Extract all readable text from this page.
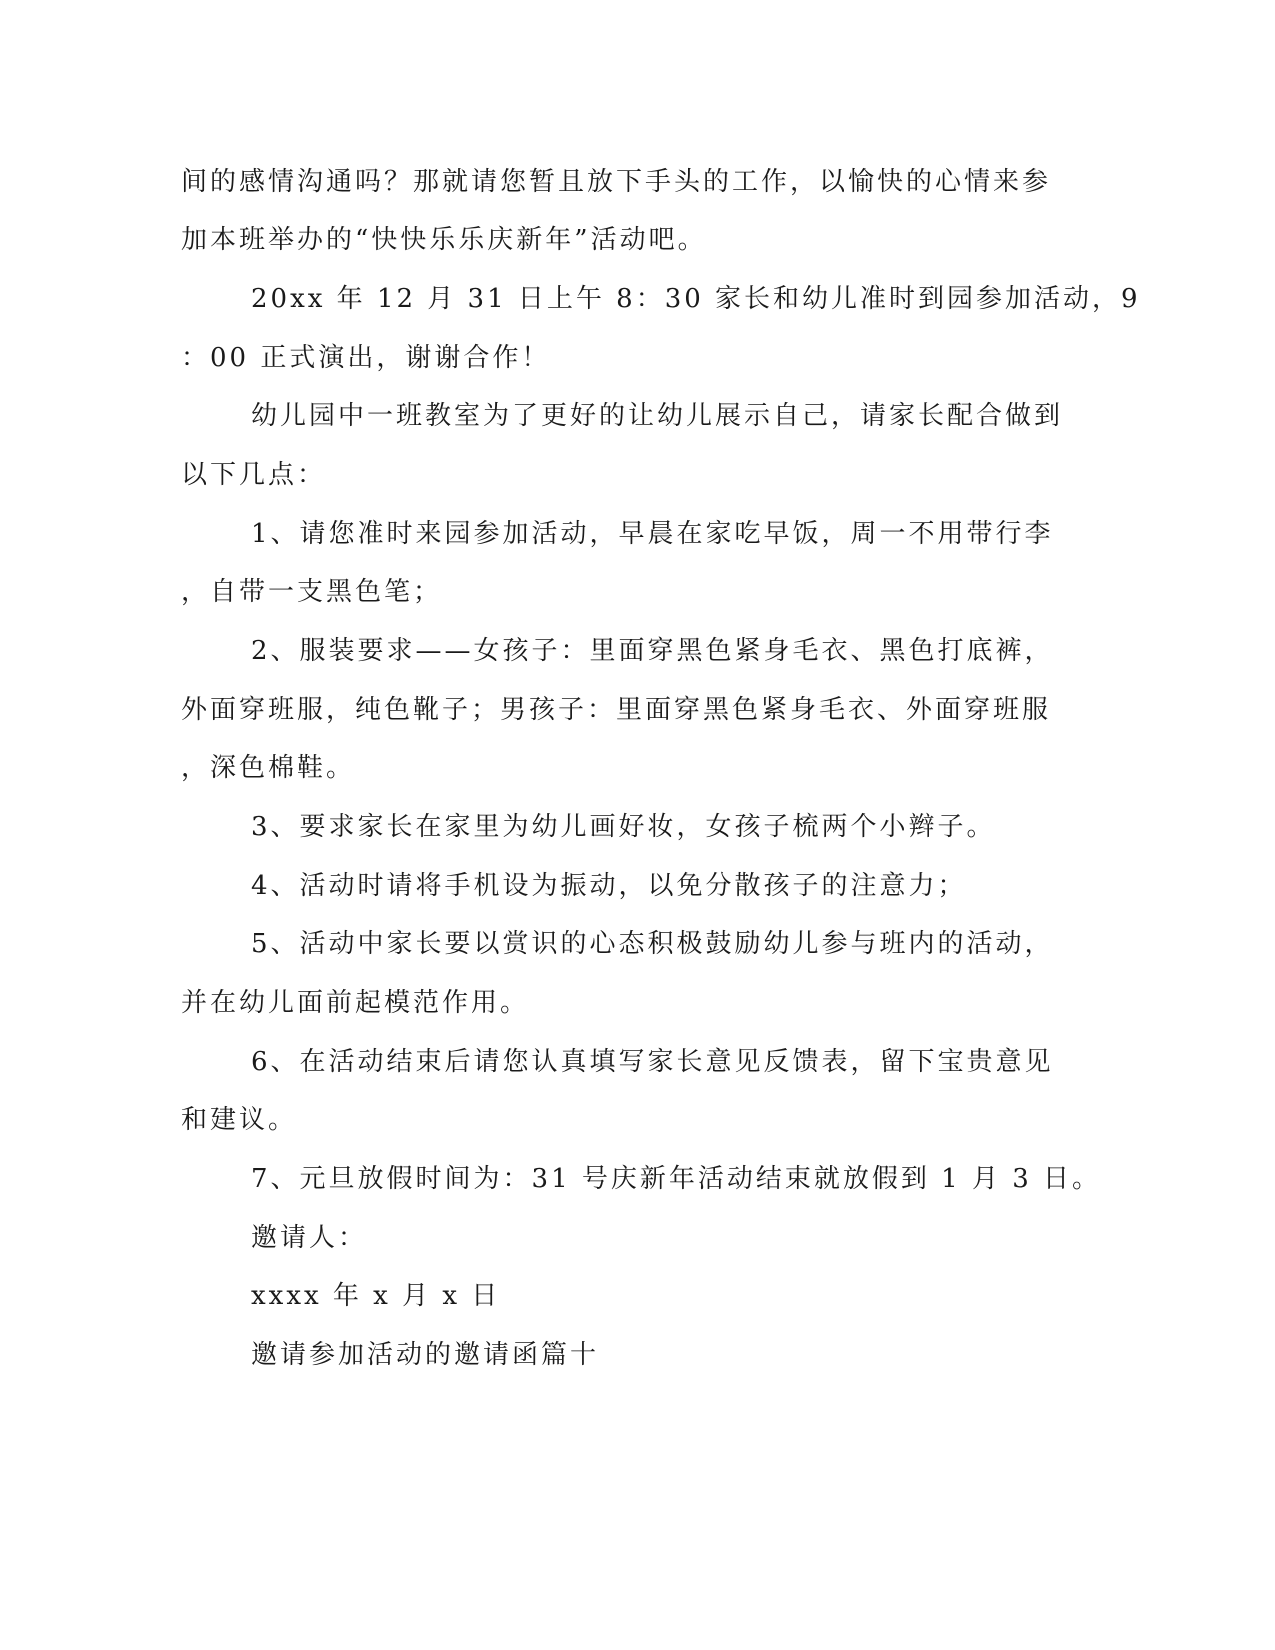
间的感情沟通吗？那就请您暂且放下手头的工作，以愉快的心情来参
加本班举办的“快快乐乐庆新年”活动吧。
20xx 年 12 月 31 日上午 8：30 家长和幼儿准时到园参加活动，9
：00 正式演出，谢谢合作！
幼儿园中一班教室为了更好的让幼儿展示自己，请家长配合做到
以下几点：
1、请您准时来园参加活动，早晨在家吃早饭，周一不用带行李
，自带一支黑色笔；
2、服装要求——女孩子：里面穿黑色紧身毛衣、黑色打底裤，
外面穿班服，纯色靴子；男孩子：里面穿黑色紧身毛衣、外面穿班服
，深色棉鞋。
3、要求家长在家里为幼儿画好妆，女孩子梳两个小辫子。
4、活动时请将手机设为振动，以免分散孩子的注意力；
5、活动中家长要以赏识的心态积极鼓励幼儿参与班内的活动，
并在幼儿面前起模范作用。
6、在活动结束后请您认真填写家长意见反馈表，留下宝贵意见
和建议。
7、元旦放假时间为：31 号庆新年活动结束就放假到 1 月 3 日。
邀请人：
xxxx 年 x 月 x 日
邀请参加活动的邀请函篇十
